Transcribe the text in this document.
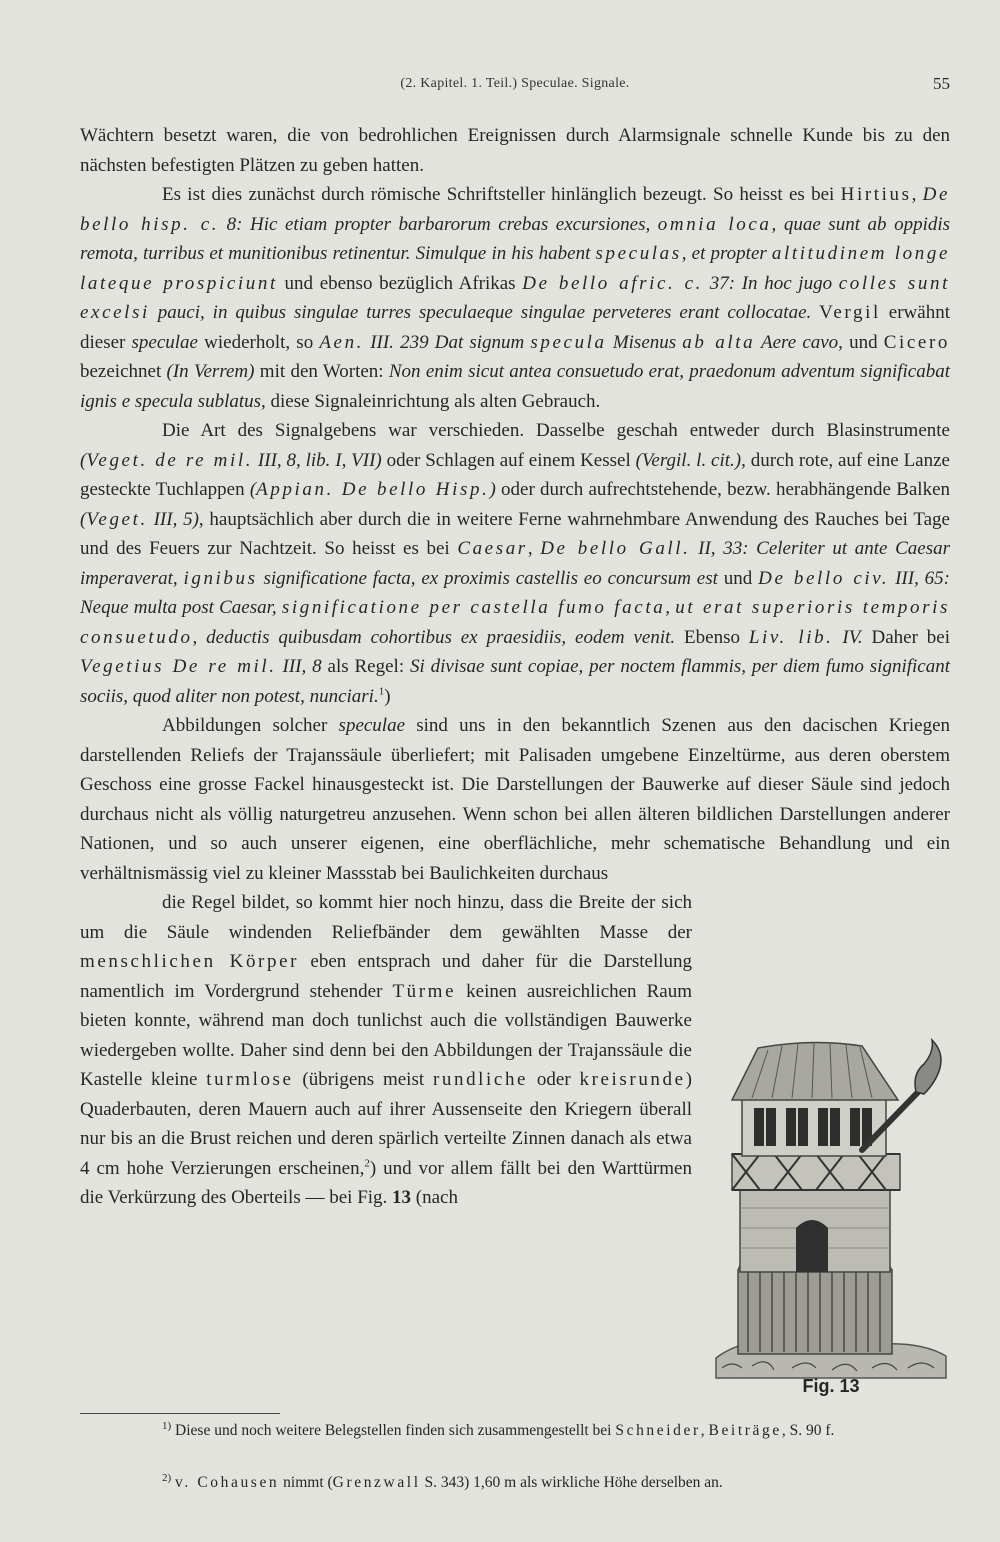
(2. Kapitel. 1. Teil.) Speculae. Signale.	55

Wächtern besetzt waren, die von bedrohlichen Ereignissen durch Alarmsignale schnelle Kunde bis zu den nächsten befestigten Plätzen zu geben hatten.

Es ist dies zunächst durch römische Schriftsteller hinlänglich bezeugt. So heisst es bei Hirtius, De bello hisp. c. 8: Hic etiam propter barbarorum crebas excursiones, omnia loca, quae sunt ab oppidis remota, turribus et munitionibus retinentur. Simulque in his habent speculas, et propter altitudinem longe lateque prospiciunt und ebenso bezüglich Afrikas De bello afric. c. 37: In hoc jugo colles sunt excelsi pauci, in quibus singulae turres speculaeque singulae perveteres erant collocatae. Vergil erwähnt dieser speculae wiederholt, so Aen. III. 239 Dat signum specula Misenus ab alta Aere cavo, und Cicero bezeichnet (In Verrem) mit den Worten: Non enim sicut antea consuetudo erat, praedonum adventum significabat ignis e specula sublatus, diese Signaleinrichtung als alten Gebrauch.

Die Art des Signalgebens war verschieden. Dasselbe geschah entweder durch Blasinstrumente (Veget. de re mil. III, 8, lib. I, VII) oder Schlagen auf einem Kessel (Vergil. l. cit.), durch rote, auf eine Lanze gesteckte Tuchlappen (Appian. De bello Hisp.) oder durch aufrechtstehende, bezw. herabhängende Balken (Veget. III, 5), hauptsächlich aber durch die in weitere Ferne wahrnehmbare Anwendung des Rauches bei Tage und des Feuers zur Nachtzeit. So heisst es bei Caesar, De bello Gall. II, 33: Celeriter ut ante Caesar imperaverat, ignibus significatione facta, ex proximis castellis eo concursum est und De bello civ. III, 65: Neque multa post Caesar, significatione per castella fumo facta, ut erat superioris temporis consuetudo, deductis quibusdam cohortibus ex praesidiis, eodem venit. Ebenso Liv. lib. IV. Daher bei Vegetius De re mil. III, 8 als Regel: Si divisae sunt copiae, per noctem flammis, per diem fumo significant sociis, quod aliter non potest, nunciari.$^1$)

Abbildungen solcher speculae sind uns in den bekanntlich Szenen aus den dacischen Kriegen darstellenden Reliefs der Trajanssäule überliefert; mit Palisaden umgebene Einzeltürme, aus deren oberstem Geschoss eine grosse Fackel hinausgesteckt ist. Die Darstellungen der Bauwerke auf dieser Säule sind jedoch durchaus nicht als völlig naturgetreu anzusehen. Wenn schon bei allen älteren bildlichen Darstellungen anderer Nationen, und so auch unserer eigenen, eine oberflächliche, mehr schematische Behandlung und ein verhältnismässig viel zu kleiner Massstab bei Baulichkeiten durchaus
die Regel bildet, so kommt hier noch hinzu, dass die Breite der sich um die Säule windenden Reliefbänder dem gewählten Masse der menschlichen Körper eben entsprach und daher für die Darstellung namentlich im Vordergrund stehender Türme keinen ausreichlichen Raum bieten konnte, während man doch tunlichst auch die vollständigen Bauwerke wiedergeben wollte. Daher sind denn bei den Abbildungen der Trajanssäule die Kastelle kleine turmlose (übrigens meist rundliche oder kreisrunde) Quaderbauten, deren Mauern auch auf ihrer Aussenseite den Kriegern überall nur bis an die Brust reichen und deren spärlich verteilte Zinnen danach als etwa 4 cm hohe Verzierungen erscheinen,$^2$) und vor allem fällt bei den Warttürmen die Verkürzung des Oberteils — bei Fig. 13 (nach

Fig. 13

$^{1)}$ Diese und noch weitere Belegstellen finden sich zusammengestellt bei Schneider, Beiträge, S. 90 f.

$^{2)}$ v. Cohausen nimmt (Grenzwall S. 343) 1,60 m als wirkliche Höhe derselben an.
